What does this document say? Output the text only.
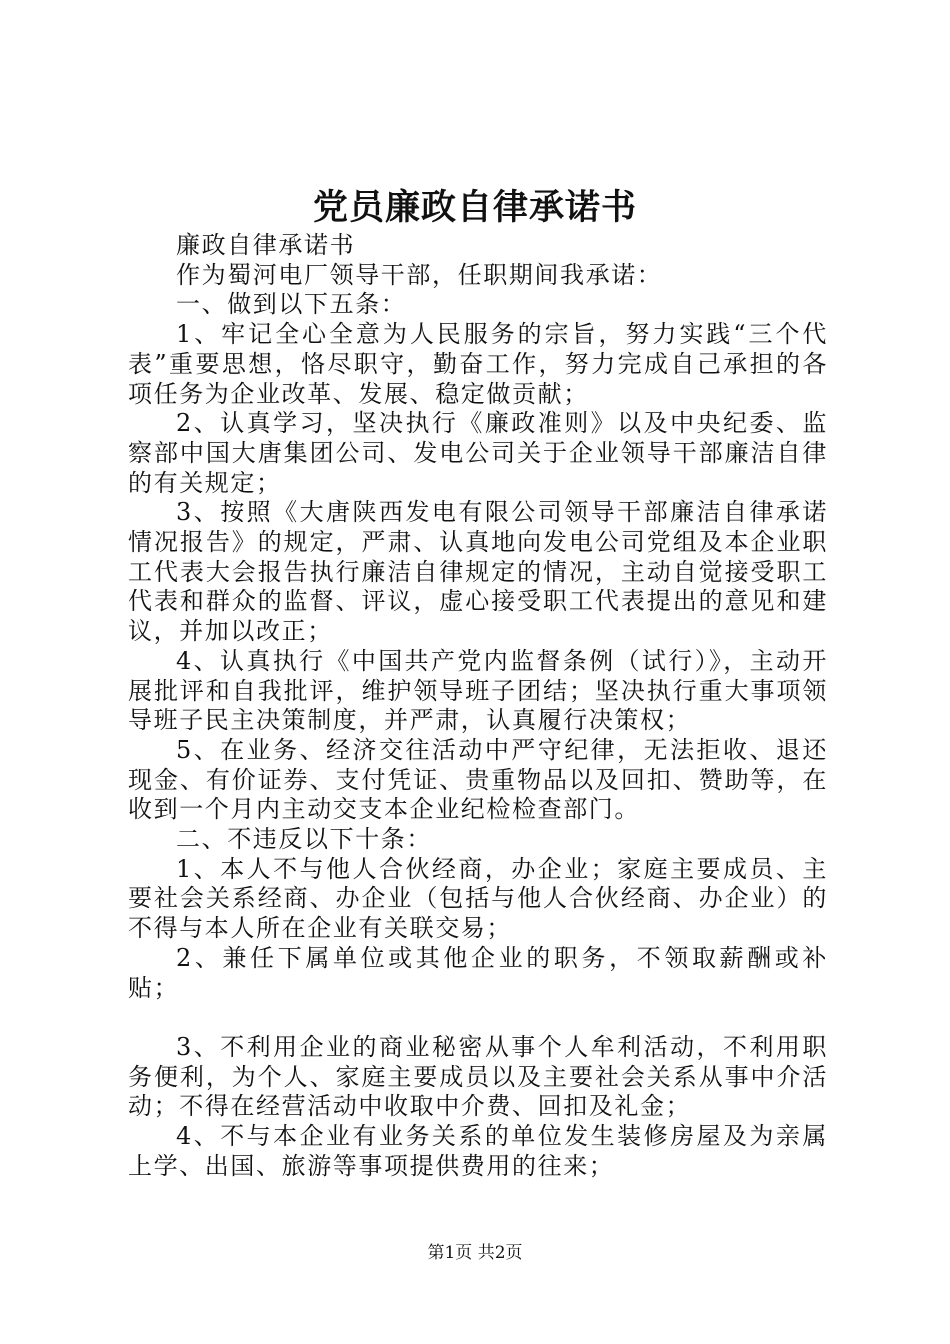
党员廉政自律承诺书

廉政自律承诺书

作为蜀河电厂领导干部，任职期间我承诺：

一、做到以下五条：

1、牢记全心全意为人民服务的宗旨，努力实践“三个代表”重要思想，恪尽职守，勤奋工作，努力完成自己承担的各项任务为企业改革、发展、稳定做贡献；

2、认真学习，坚决执行《廉政准则》以及中央纪委、监察部中国大唐集团公司、发电公司关于企业领导干部廉洁自律的有关规定；

3、按照《大唐陕西发电有限公司领导干部廉洁自律承诺情况报告》的规定，严肃、认真地向发电公司党组及本企业职工代表大会报告执行廉洁自律规定的情况，主动自觉接受职工代表和群众的监督、评议，虚心接受职工代表提出的意见和建议，并加以改正；

4、认真执行《中国共产党内监督条例（试行）》，主动开展批评和自我批评，维护领导班子团结；坚决执行重大事项领导班子民主决策制度，并严肃，认真履行决策权；

5、在业务、经济交往活动中严守纪律，无法拒收、退还现金、有价证券、支付凭证、贵重物品以及回扣、赞助等，在收到一个月内主动交支本企业纪检检查部门。

二、不违反以下十条：

1、本人不与他人合伙经商，办企业；家庭主要成员、主要社会关系经商、办企业（包括与他人合伙经商、办企业）的不得与本人所在企业有关联交易；

2、兼任下属单位或其他企业的职务，不领取薪酬或补贴；

3、不利用企业的商业秘密从事个人牟利活动，不利用职务便利，为个人、家庭主要成员以及主要社会关系从事中介活动；不得在经营活动中收取中介费、回扣及礼金；

4、不与本企业有业务关系的单位发生装修房屋及为亲属上学、出国、旅游等事项提供费用的往来；

第1页 共2页
